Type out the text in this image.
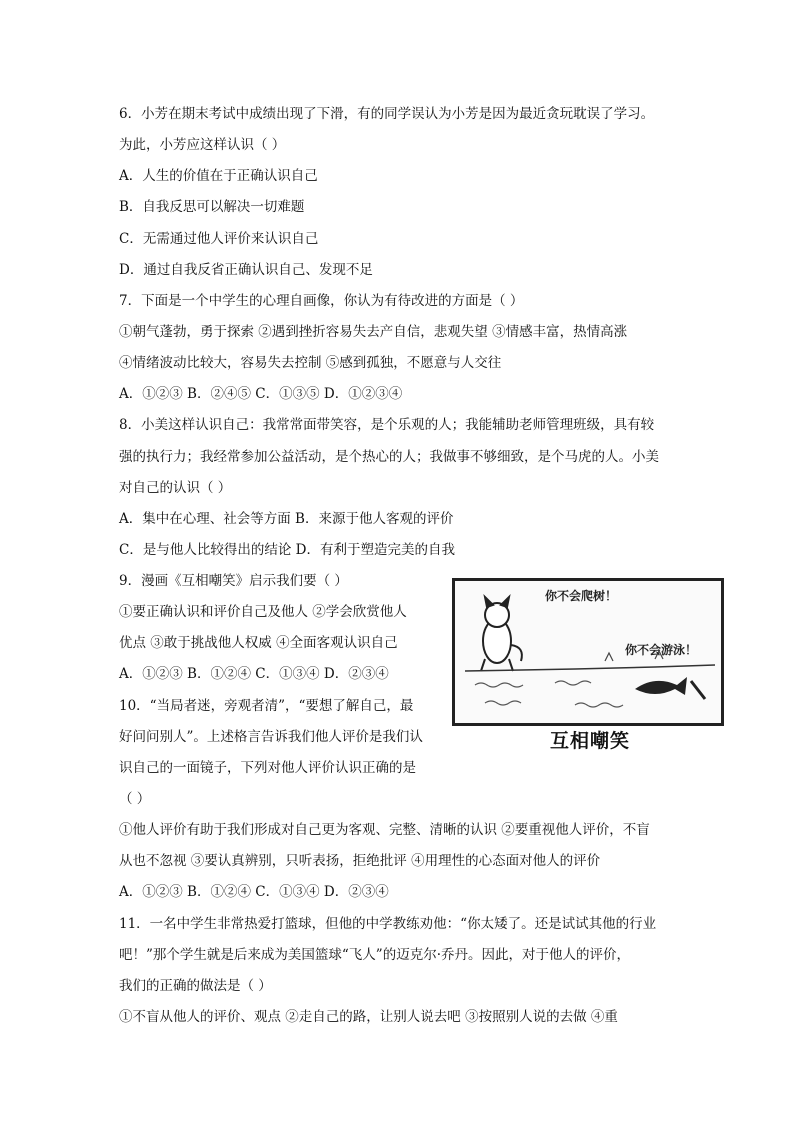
6．小芳在期末考试中成绩出现了下滑，有的同学误认为小芳是因为最近贪玩耽误了学习。
为此，小芳应这样认识（ ）
A．人生的价值在于正确认识自己
B．自我反思可以解决一切难题
C．无需通过他人评价来认识自己
D．通过自我反省正确认识自己、发现不足
7．下面是一个中学生的心理自画像，你认为有待改进的方面是（ ）
①朝气蓬勃，勇于探索 ②遇到挫折容易失去产自信，悲观失望 ③情感丰富，热情高涨
④情绪波动比较大，容易失去控制 ⑤感到孤独，不愿意与人交往
A．①②③ B．②④⑤ C．①③⑤ D．①②③④
8．小美这样认识自己：我常常面带笑容，是个乐观的人；我能辅助老师管理班级，具有较
强的执行力；我经常参加公益活动，是个热心的人；我做事不够细致，是个马虎的人。小美
对自己的认识（ ）
A．集中在心理、社会等方面 B．来源于他人客观的评价
C．是与他人比较得出的结论 D．有利于塑造完美的自我
9．漫画《互相嘲笑》启示我们要（ ）
①要正确认识和评价自己及他人 ②学会欣赏他人
优点 ③敢于挑战他人权威 ④全面客观认识自己
A．①②③ B．①②④ C．①③④ D．②③④
10．“当局者迷，旁观者清”，“要想了解自己，最
好问问别人”。上述格言告诉我们他人评价是我们认
识自己的一面镜子，下列对他人评价认识正确的是
（ ）
①他人评价有助于我们形成对自己更为客观、完整、清晰的认识 ②要重视他人评价，不盲
从也不忽视 ③要认真辨别，只听表扬，拒绝批评 ④用理性的心态面对他人的评价
A．①②③ B．①②④ C．①③④ D．②③④
11．一名中学生非常热爱打篮球，但他的中学教练劝他：“你太矮了。还是试试其他的行业
吧！”那个学生就是后来成为美国篮球“飞人”的迈克尔·乔丹。因此，对于他人的评价，
我们的正确的做法是（ ）
①不盲从他人的评价、观点 ②走自己的路，让别人说去吧 ③按照别人说的去做 ④重
你不会爬树！
你不会游泳！
互相嘲笑
